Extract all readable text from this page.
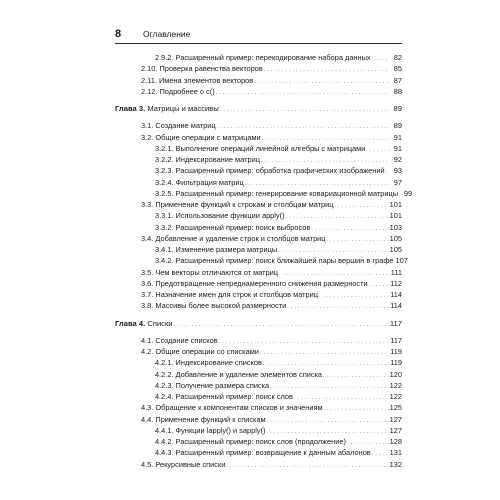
8	Оглавление
2.9.2. Расширенный пример: перекодирование набора данных . . .	82
2.10. Проверка равенства векторов . . .	85
2.11. Имена элементов векторов . . .	87
2.12. Подробнее о c() . . .	88
Глава 3. Матрицы и массивы . . .	89
3.1. Создание матриц . . .	89
3.2. Общие операции с матрицами . . .	91
3.2.1. Выполнение операций линейной алгебры с матрицами . . .	91
3.2.2. Индексирование матриц . . .	92
3.2.3. Расширенный пример: обработка графических изображений . . .	93
3.2.4. Фильтрация матриц . . .	97
3.2.5. Расширенный пример: генерирование ковариационной матрицы 99
3.3. Применение функций к строкам и столбцам матриц . . .	101
3.3.1. Использование функции apply() . . .	101
3.3.2. Расширенный пример: поиск выбросов . . .	103
3.4. Добавление и удаление строк и столбцов матриц . . .	105
3.4.1. Изменение размера матрицы . . .	105
3.4.2. Расширенный пример: поиск ближайшей пары вершин в графе 107
3.5. Чем векторы отличаются от матриц . . .	111
3.6. Предотвращение непреднамеренного снижения размерности . . .	112
3.7. Назначение имен для строк и столбцов матриц . . .	114
3.8. Массивы более высокой размерности . . .	114
Глава 4. Списки . . .	117
4.1. Создание списков . . .	117
4.2. Общие операции со списками . . .	119
4.2.1. Индексирование списков . . .	119
4.2.2. Добавление и удаление элементов списка . . .	120
4.2.3. Получение размера списка . . .	122
4.2.4. Расширенный пример: поиск слов . . .	122
4.3. Обращение к компонентам списков и значениям . . .	125
4.4. Применение функций к спискам . . .	127
4.4.1. Функции lapply() и sapply() . . .	127
4.4.2. Расширенный пример: поиск слов (продолжение) . . .	128
4.4.3. Расширенный пример: возвращение к данным абалонов . . .	131
4.5. Рекурсивные списки . . .	132
